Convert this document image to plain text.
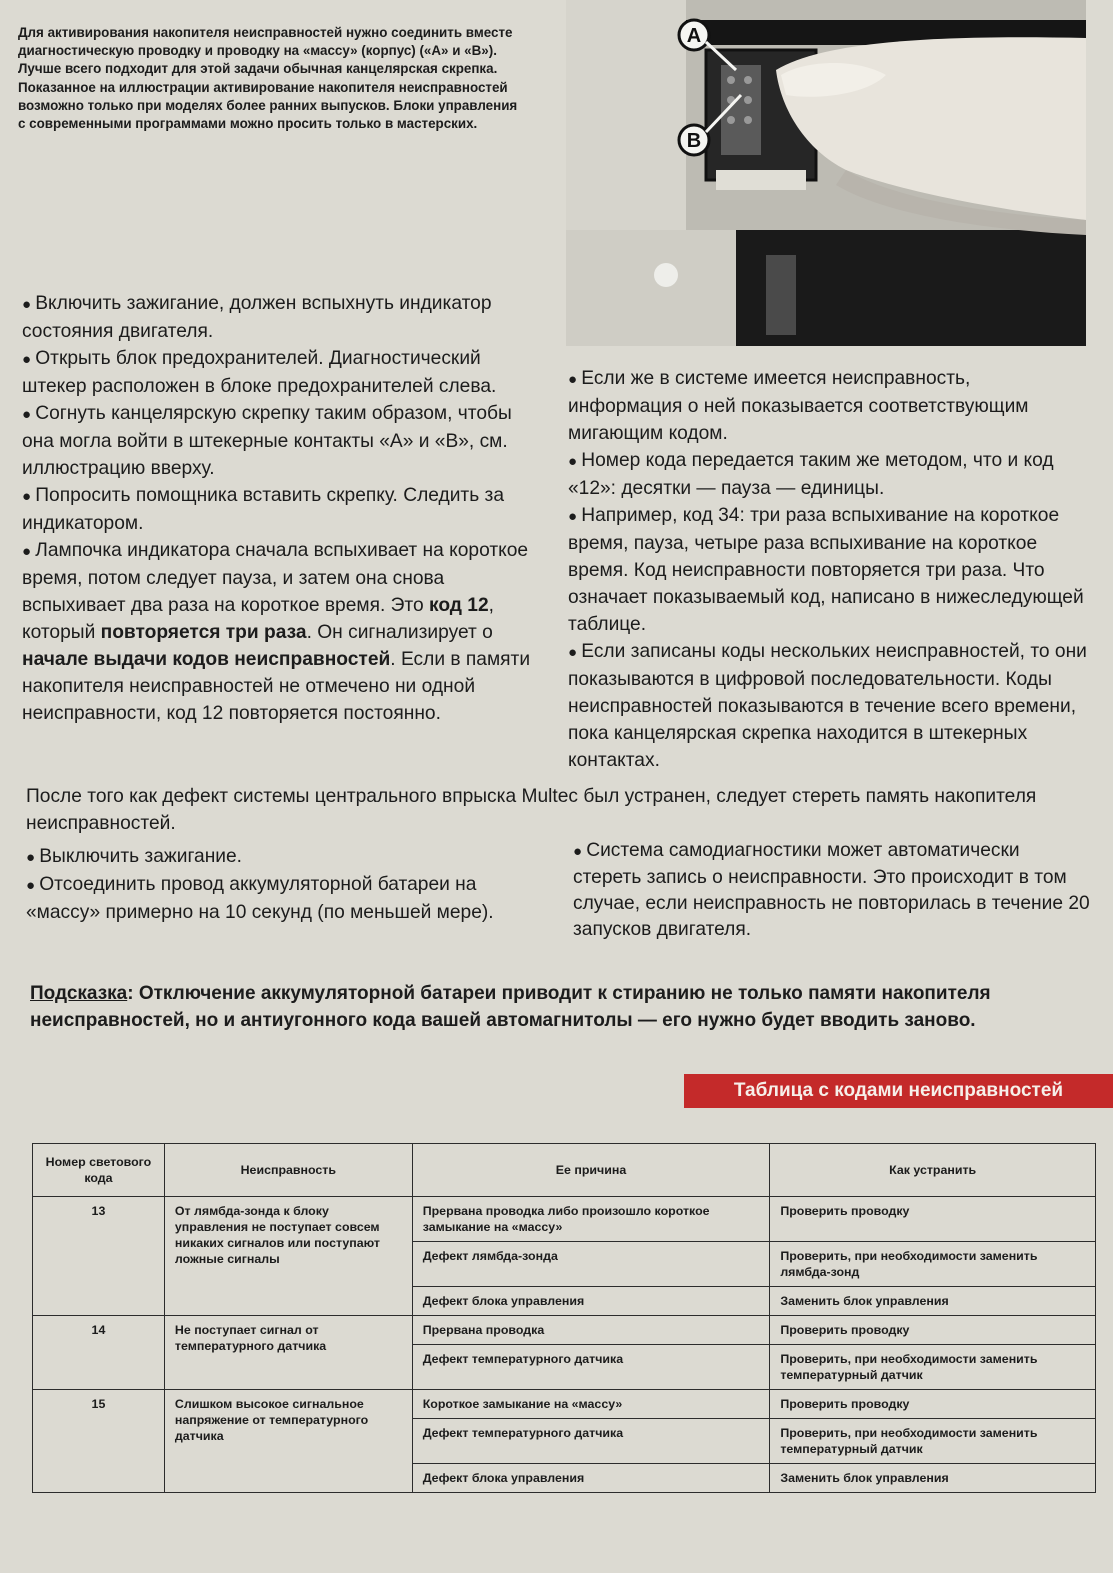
Для активирования накопителя неисправностей нужно соединить вместе диагностическую проводку и проводку на «массу» (корпус) («А» и «В»). Лучше всего подходит для этой задачи обычная канцелярская скрепка. Показанное на иллюстрации активирование накопителя неисправностей возможно только при моделях более ранних выпусков. Блоки управления с современными программами можно просить только в мастерских.
A
B

● Включить зажигание, должен вспыхнуть индикатор состояния двигателя.

● Открыть блок предохранителей. Диагностический штекер расположен в блоке предохранителей слева.

● Согнуть канцелярскую скрепку таким образом, чтобы она могла войти в штекерные контакты «А» и «В», см. иллюстрацию вверху.

● Попросить помощника вставить скрепку. Следить за индикатором.

● Лампочка индикатора сначала вспыхивает на короткое время, потом следует пауза, и затем она снова вспыхивает два раза на короткое время. Это код 12, который повторяется три раза. Он сигнализирует о начале выдачи кодов неисправностей. Если в памяти накопителя неисправностей не отмечено ни одной неисправности, код 12 повторяется постоянно.

● Если же в системе имеется неисправность, информация о ней показывается соответствующим мигающим кодом.

● Номер кода передается таким же методом, что и код «12»: десятки — пауза — единицы.

● Например, код 34: три раза вспыхивание на короткое время, пауза, четыре раза вспыхивание на короткое время. Код неисправности повторяется три раза. Что означает показываемый код, написано в нижеследующей таблице.

● Если записаны коды нескольких неисправностей, то они показываются в цифровой последовательности. Коды неисправностей показываются в течение всего времени, пока канцелярская скрепка находится в штекерных контактах.

После того как дефект системы центрального впрыска Multec был устранен, следует стереть память накопителя неисправностей.

● Выключить зажигание.

● Отсоединить провод аккумуляторной батареи на «массу» примерно на 10 секунд (по меньшей мере).

● Система самодиагностики может автоматически стереть запись о неисправности. Это происходит в том случае, если неисправность не повторилась в течение 20 запусков двигателя.

Подсказка: Отключение аккумуляторной батареи приводит к стиранию не только памяти накопителя неисправностей, но и антиугонного кода вашей автомагнитолы — его нужно будет вводить заново.
Таблица с кодами неисправностей
Номер светового кода	Неисправность	Ее причина	Как устранить
13	От лямбда-зонда к блоку управления не поступает совсем никаких сигналов или поступают ложные сигналы	Прервана проводка либо произошло короткое замыкание на «массу»	Проверить проводку
		Дефект лямбда-зонда	Проверить, при необходимости заменить лямбда-зонд
		Дефект блока управления	Заменить блок управления
14	Не поступает сигнал от температурного датчика	Прервана проводка	Проверить проводку
		Дефект температурного датчика	Проверить, при необходимости заменить температурный датчик
15	Слишком высокое сигнальное напряжение от температурного датчика	Короткое замыкание на «массу»	Проверить проводку
		Дефект температурного датчика	Проверить, при необходимости заменить температурный датчик
		Дефект блока управления	Заменить блок управления
